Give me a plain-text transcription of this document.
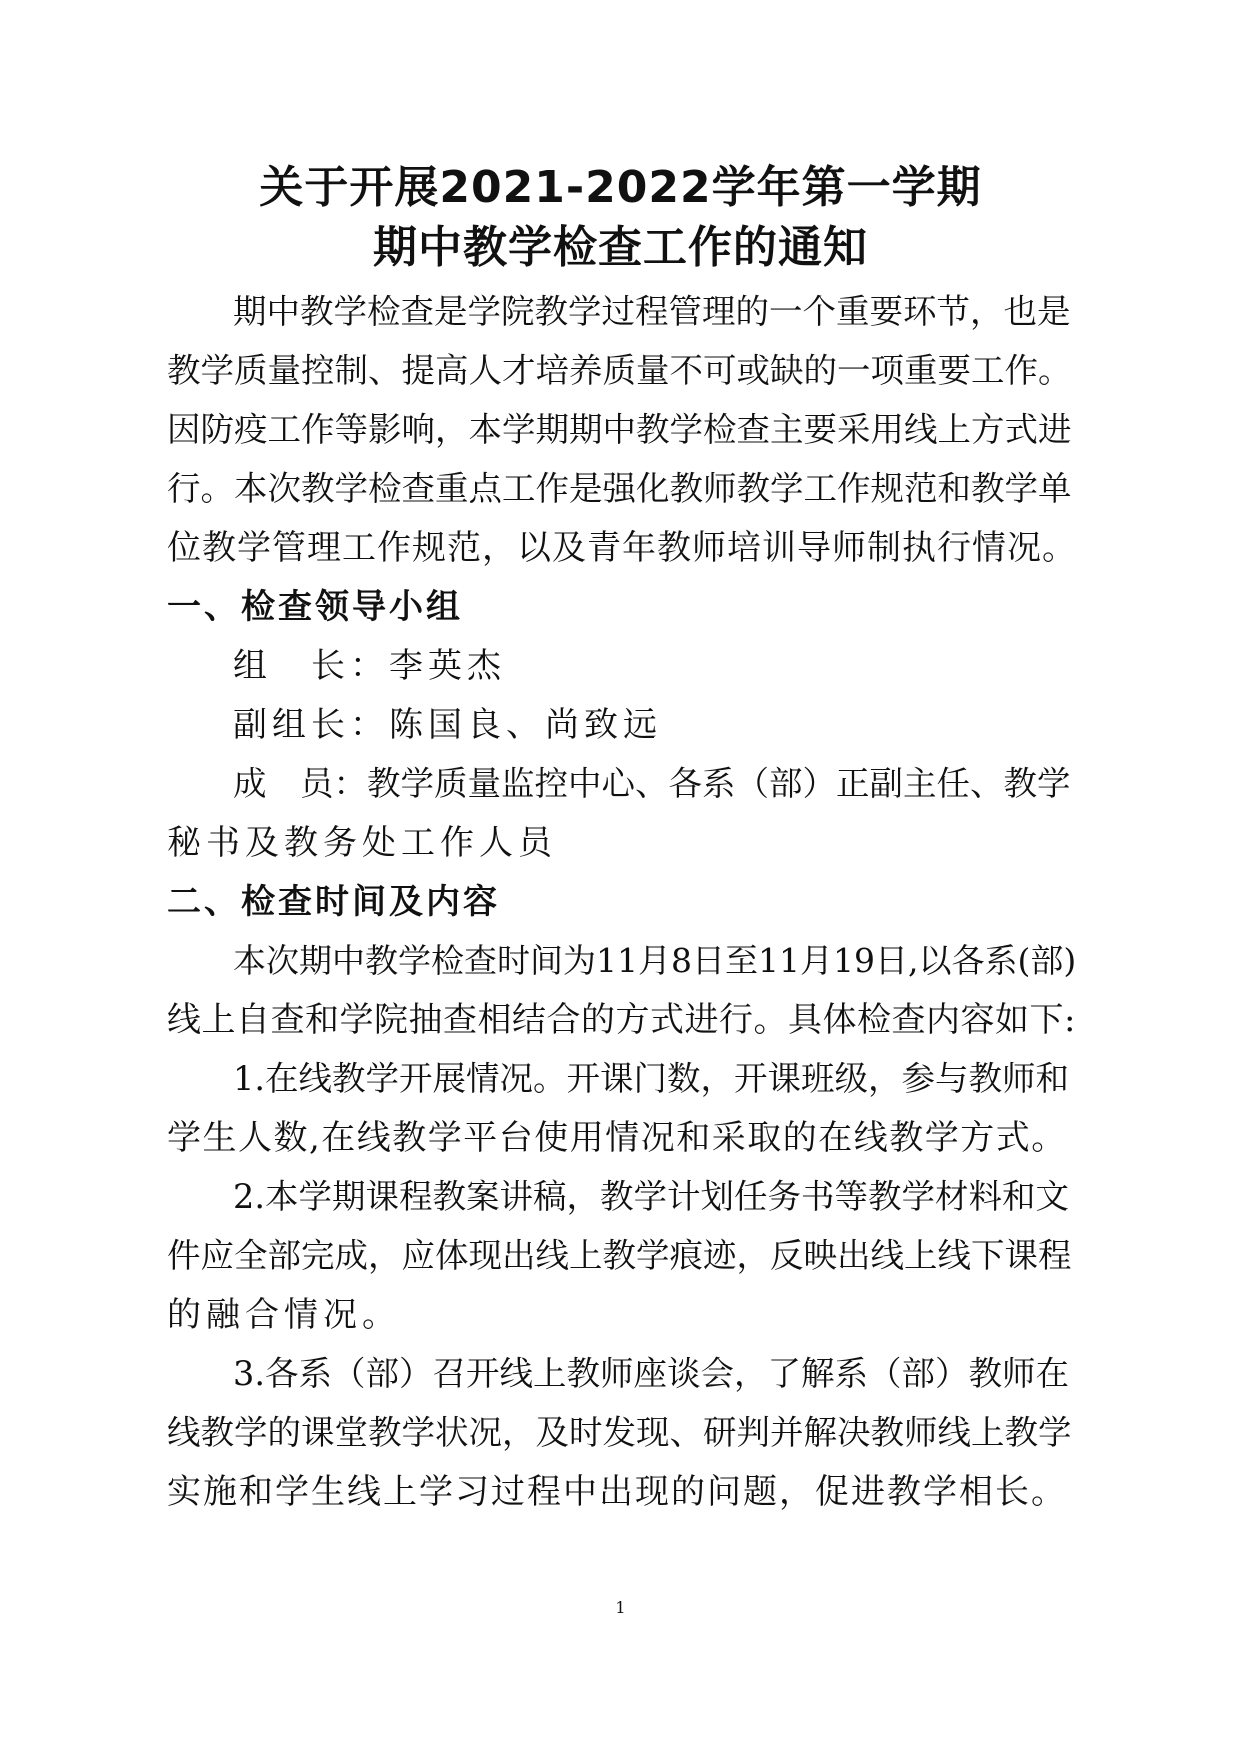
关于开展2021-2022学年第一学期
期中教学检查工作的通知
期中教学检查是学院教学过程管理的一个重要环节，也是
教学质量控制、提高人才培养质量不可或缺的一项重要工作。
因防疫工作等影响，本学期期中教学检查主要采用线上方式进
行。本次教学检查重点工作是强化教师教学工作规范和教学单
位教学管理工作规范，以及青年教师培训导师制执行情况。
一、检查领导小组
组　长：李英杰
副组长：陈国良、尚致远
成　员：教学质量监控中心、各系（部）正副主任、教学
秘书及教务处工作人员
二、检查时间及内容
本次期中教学检查时间为11月8日至11月19日,以各系(部)
线上自查和学院抽查相结合的方式进行。具体检查内容如下:
1.在线教学开展情况。开课门数，开课班级，参与教师和
学生人数,在线教学平台使用情况和采取的在线教学方式。
2.本学期课程教案讲稿，教学计划任务书等教学材料和文
件应全部完成，应体现出线上教学痕迹，反映出线上线下课程
的融合情况。
3.各系（部）召开线上教师座谈会，了解系（部）教师在
线教学的课堂教学状况，及时发现、研判并解决教师线上教学
实施和学生线上学习过程中出现的问题，促进教学相长。
1
